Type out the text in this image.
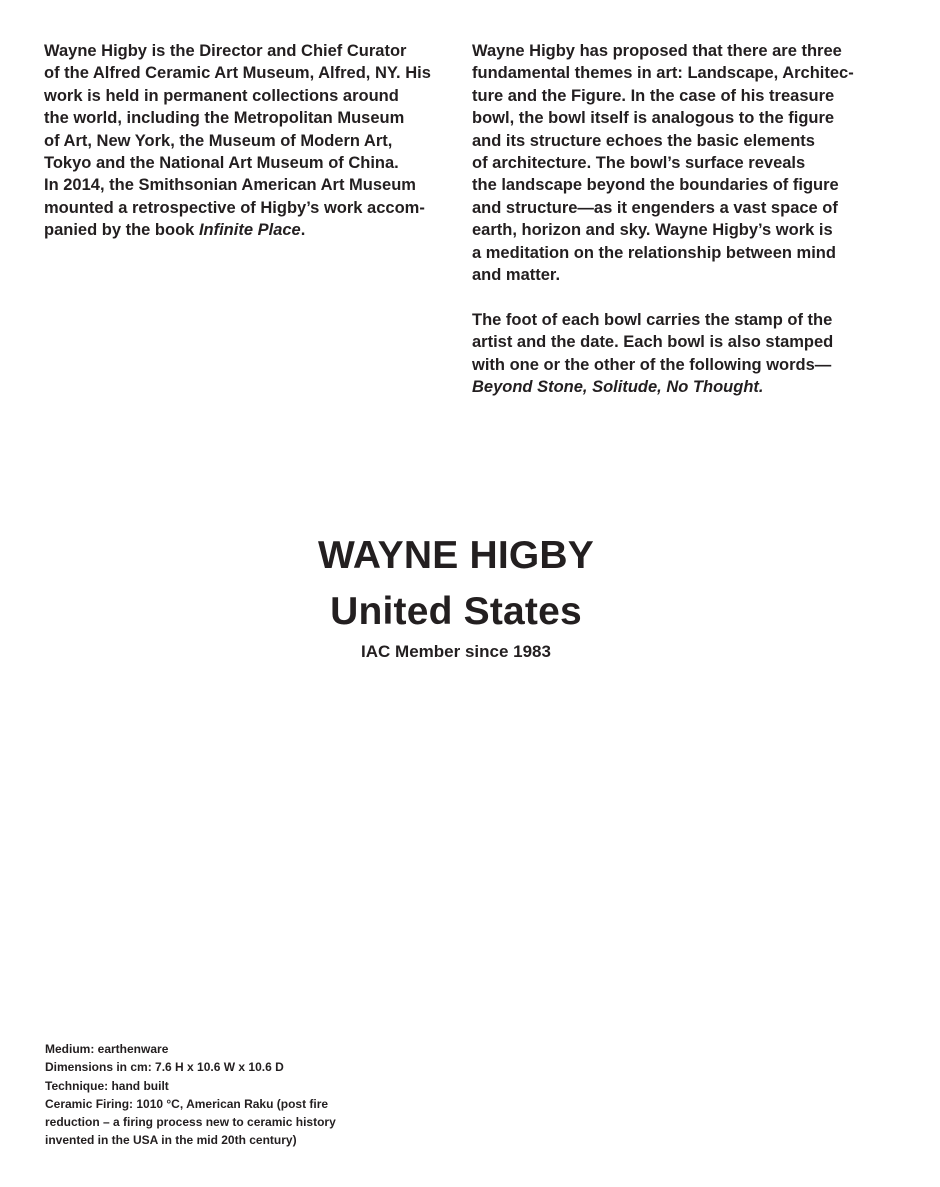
Wayne Higby is the Director and Chief Curator
of the Alfred Ceramic Art Museum, Alfred, NY. His
work is held in permanent collections around
the world, including the Metropolitan Museum
of Art, New York, the Museum of Modern Art,
Tokyo and the National Art Museum of China.
In 2014, the Smithsonian American Art Museum
mounted a retrospective of Higby’s work accom-
panied by the book Infinite Place.
Wayne Higby has proposed that there are three
fundamental themes in art: Landscape, Architec-
ture and the Figure. In the case of his treasure
bowl, the bowl itself is analogous to the figure
and its structure echoes the basic elements
of architecture. The bowl’s surface reveals
the landscape beyond the boundaries of figure
and structure—as it engenders a vast space of
earth, horizon and sky. Wayne Higby’s work is
a meditation on the relationship between mind
and matter.
The foot of each bowl carries the stamp of the
artist and the date. Each bowl is also stamped
with one or the other of the following words—
Beyond Stone, Solitude, No Thought.
WAYNE HIGBY
United States
IAC Member since 1983
Medium: earthenware
Dimensions in cm: 7.6 H x 10.6 W x 10.6 D
Technique: hand built
Ceramic Firing: 1010 °C, American Raku (post fire
reduction – a firing process new to ceramic history
invented in the USA in the mid 20th century)
